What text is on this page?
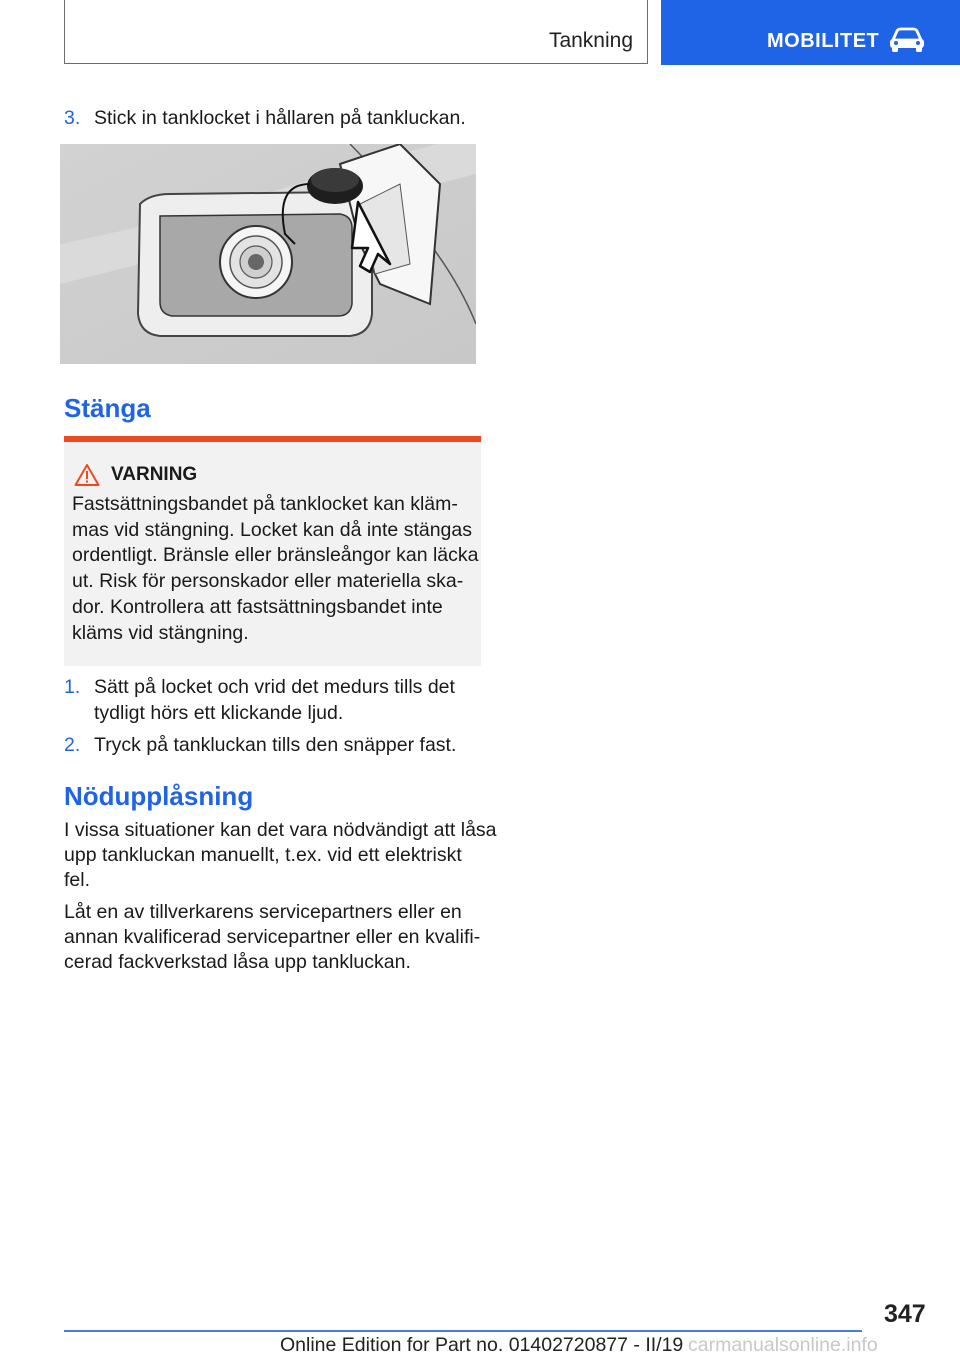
Tankning	MOBILITET
3. Stick in tanklocket i hållaren på tankluckan.
Stänga
VARNING
Fastsättningsbandet på tanklocket kan kläm‐
mas vid stängning. Locket kan då inte stängas
ordentligt. Bränsle eller bränsleångor kan läcka
ut. Risk för personskador eller materiella ska‐
dor. Kontrollera att fastsättningsbandet inte
kläms vid stängning.
1. Sätt på locket och vrid det medurs tills det
tydligt hörs ett klickande ljud.
2. Tryck på tankluckan tills den snäpper fast.
Nödupplåsning
I vissa situationer kan det vara nödvändigt att låsa
upp tankluckan manuellt, t.ex. vid ett elektriskt
fel.
Låt en av tillverkarens servicepartners eller en
annan kvalificerad servicepartner eller en kvalifi‐
cerad fackverkstad låsa upp tankluckan.
347
Online Edition for Part no. 01402720877 - II/19 carmanualsonline.info
